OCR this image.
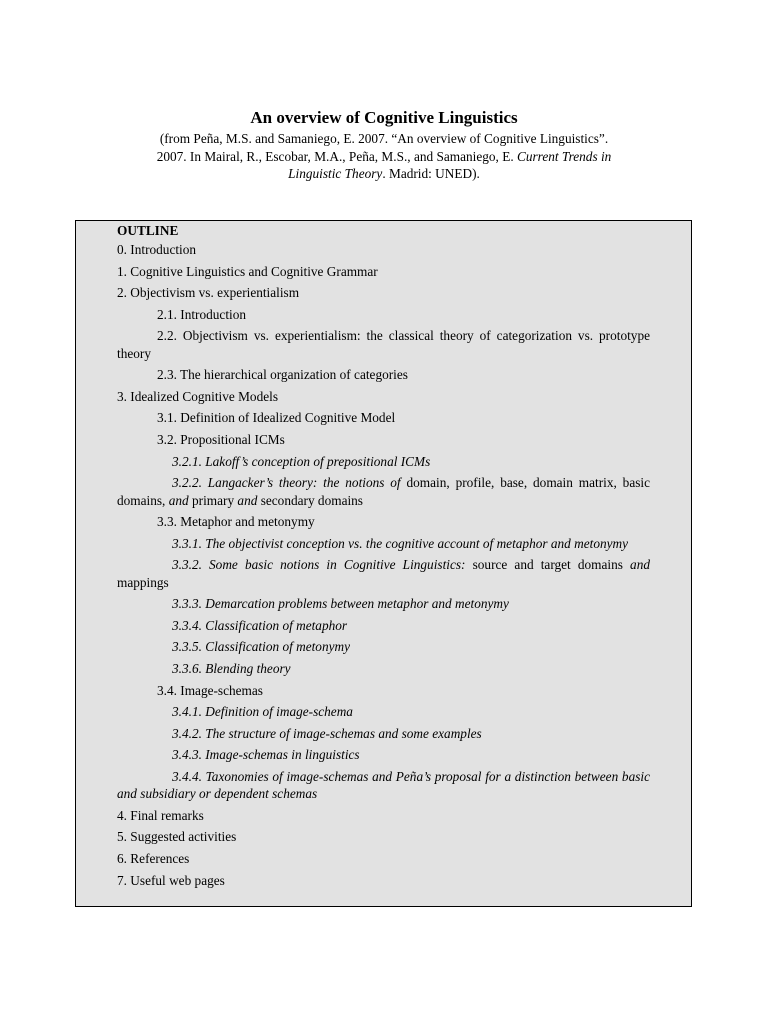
An overview of Cognitive Linguistics
(from Peña, M.S. and Samaniego, E. 2007. “An overview of Cognitive Linguistics”.
2007. In Mairal, R., Escobar, M.A., Peña, M.S., and Samaniego, E. Current Trends in
Linguistic Theory. Madrid: UNED).
OUTLINE
0. Introduction
1. Cognitive Linguistics and Cognitive Grammar
2. Objectivism vs. experientialism
2.1. Introduction
2.2. Objectivism vs. experientialism: the classical theory of categorization vs. prototype theory
2.3. The hierarchical organization of categories
3. Idealized Cognitive Models
3.1. Definition of Idealized Cognitive Model
3.2. Propositional ICMs
3.2.1. Lakoff’s conception of prepositional ICMs
3.2.2. Langacker’s theory: the notions of domain, profile, base, domain matrix, basic domains, and primary and secondary domains
3.3. Metaphor and metonymy
3.3.1. The objectivist conception vs. the cognitive account of metaphor and metonymy
3.3.2. Some basic notions in Cognitive Linguistics: source and target domains and mappings
3.3.3. Demarcation problems between metaphor and metonymy
3.3.4. Classification of metaphor
3.3.5. Classification of metonymy
3.3.6. Blending theory
3.4. Image-schemas
3.4.1. Definition of image-schema
3.4.2. The structure of image-schemas and some examples
3.4.3. Image-schemas in linguistics
3.4.4. Taxonomies of image-schemas and Peña’s proposal for a distinction between basic and subsidiary or dependent schemas
4. Final remarks
5. Suggested activities
6. References
7. Useful web pages
